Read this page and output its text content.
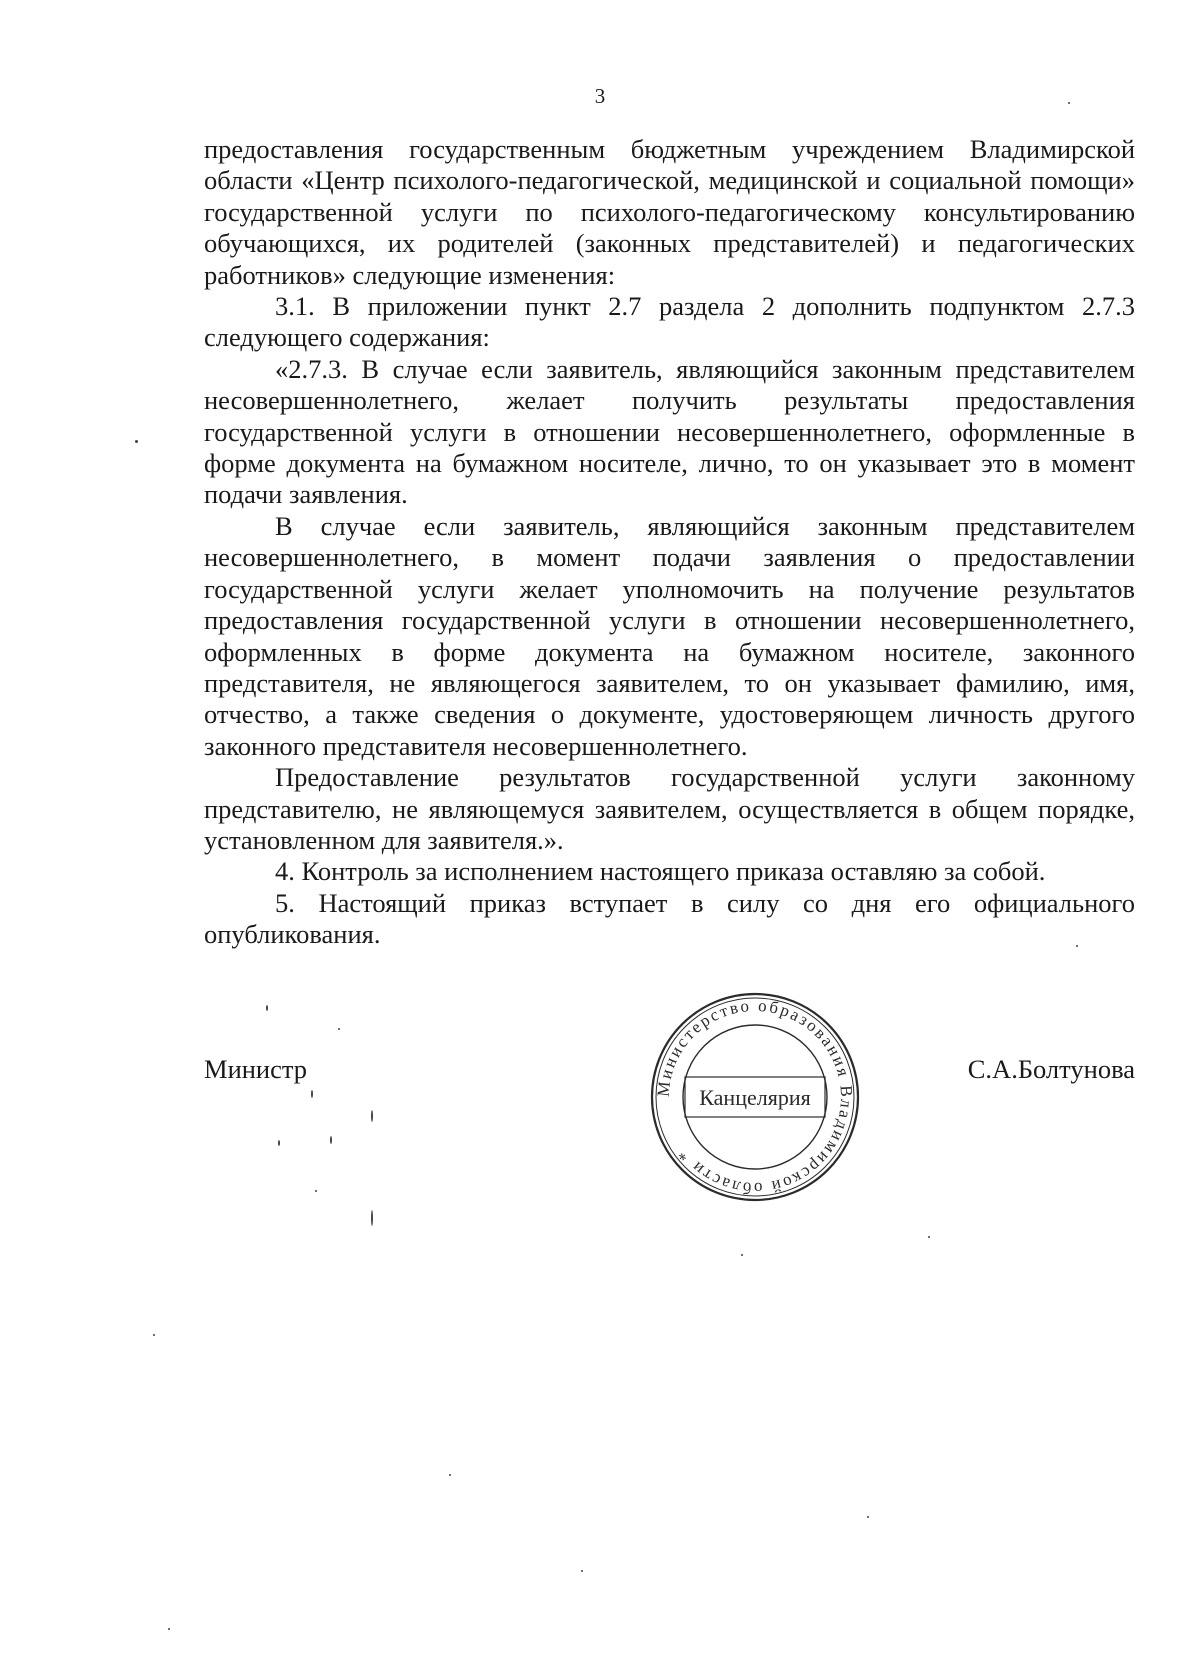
3

предоставления государственным бюджетным учреждением Владимирской области «Центр психолого-педагогической, медицинской и социальной помощи» государственной услуги по психолого-педагогическому консультированию обучающихся, их родителей (законных представителей) и педагогических работников» следующие изменения:

3.1. В приложении пункт 2.7 раздела 2 дополнить подпунктом 2.7.3 следующего содержания:

«2.7.3. В случае если заявитель, являющийся законным представителем несовершеннолетнего, желает получить результаты предоставления государственной услуги в отношении несовершеннолетнего, оформленные в форме документа на бумажном носителе, лично, то он указывает это в момент подачи заявления.

В случае если заявитель, являющийся законным представителем несовершеннолетнего, в момент подачи заявления о предоставлении государственной услуги желает уполномочить на получение результатов предоставления государственной услуги в отношении несовершеннолетнего, оформленных в форме документа на бумажном носителе, законного представителя, не являющегося заявителем, то он указывает фамилию, имя, отчество, а также сведения о документе, удостоверяющем личность другого законного представителя несовершеннолетнего.

Предоставление результатов государственной услуги законному представителю, не являющемуся заявителем, осуществляется в общем порядке, установленном для заявителя.».

4. Контроль за исполнением настоящего приказа оставляю за собой.

5. Настоящий приказ вступает в силу со дня его официального опубликования.

Министр	С.А.Болтунова
Министерство образования Владимирской области *
Канцелярия
